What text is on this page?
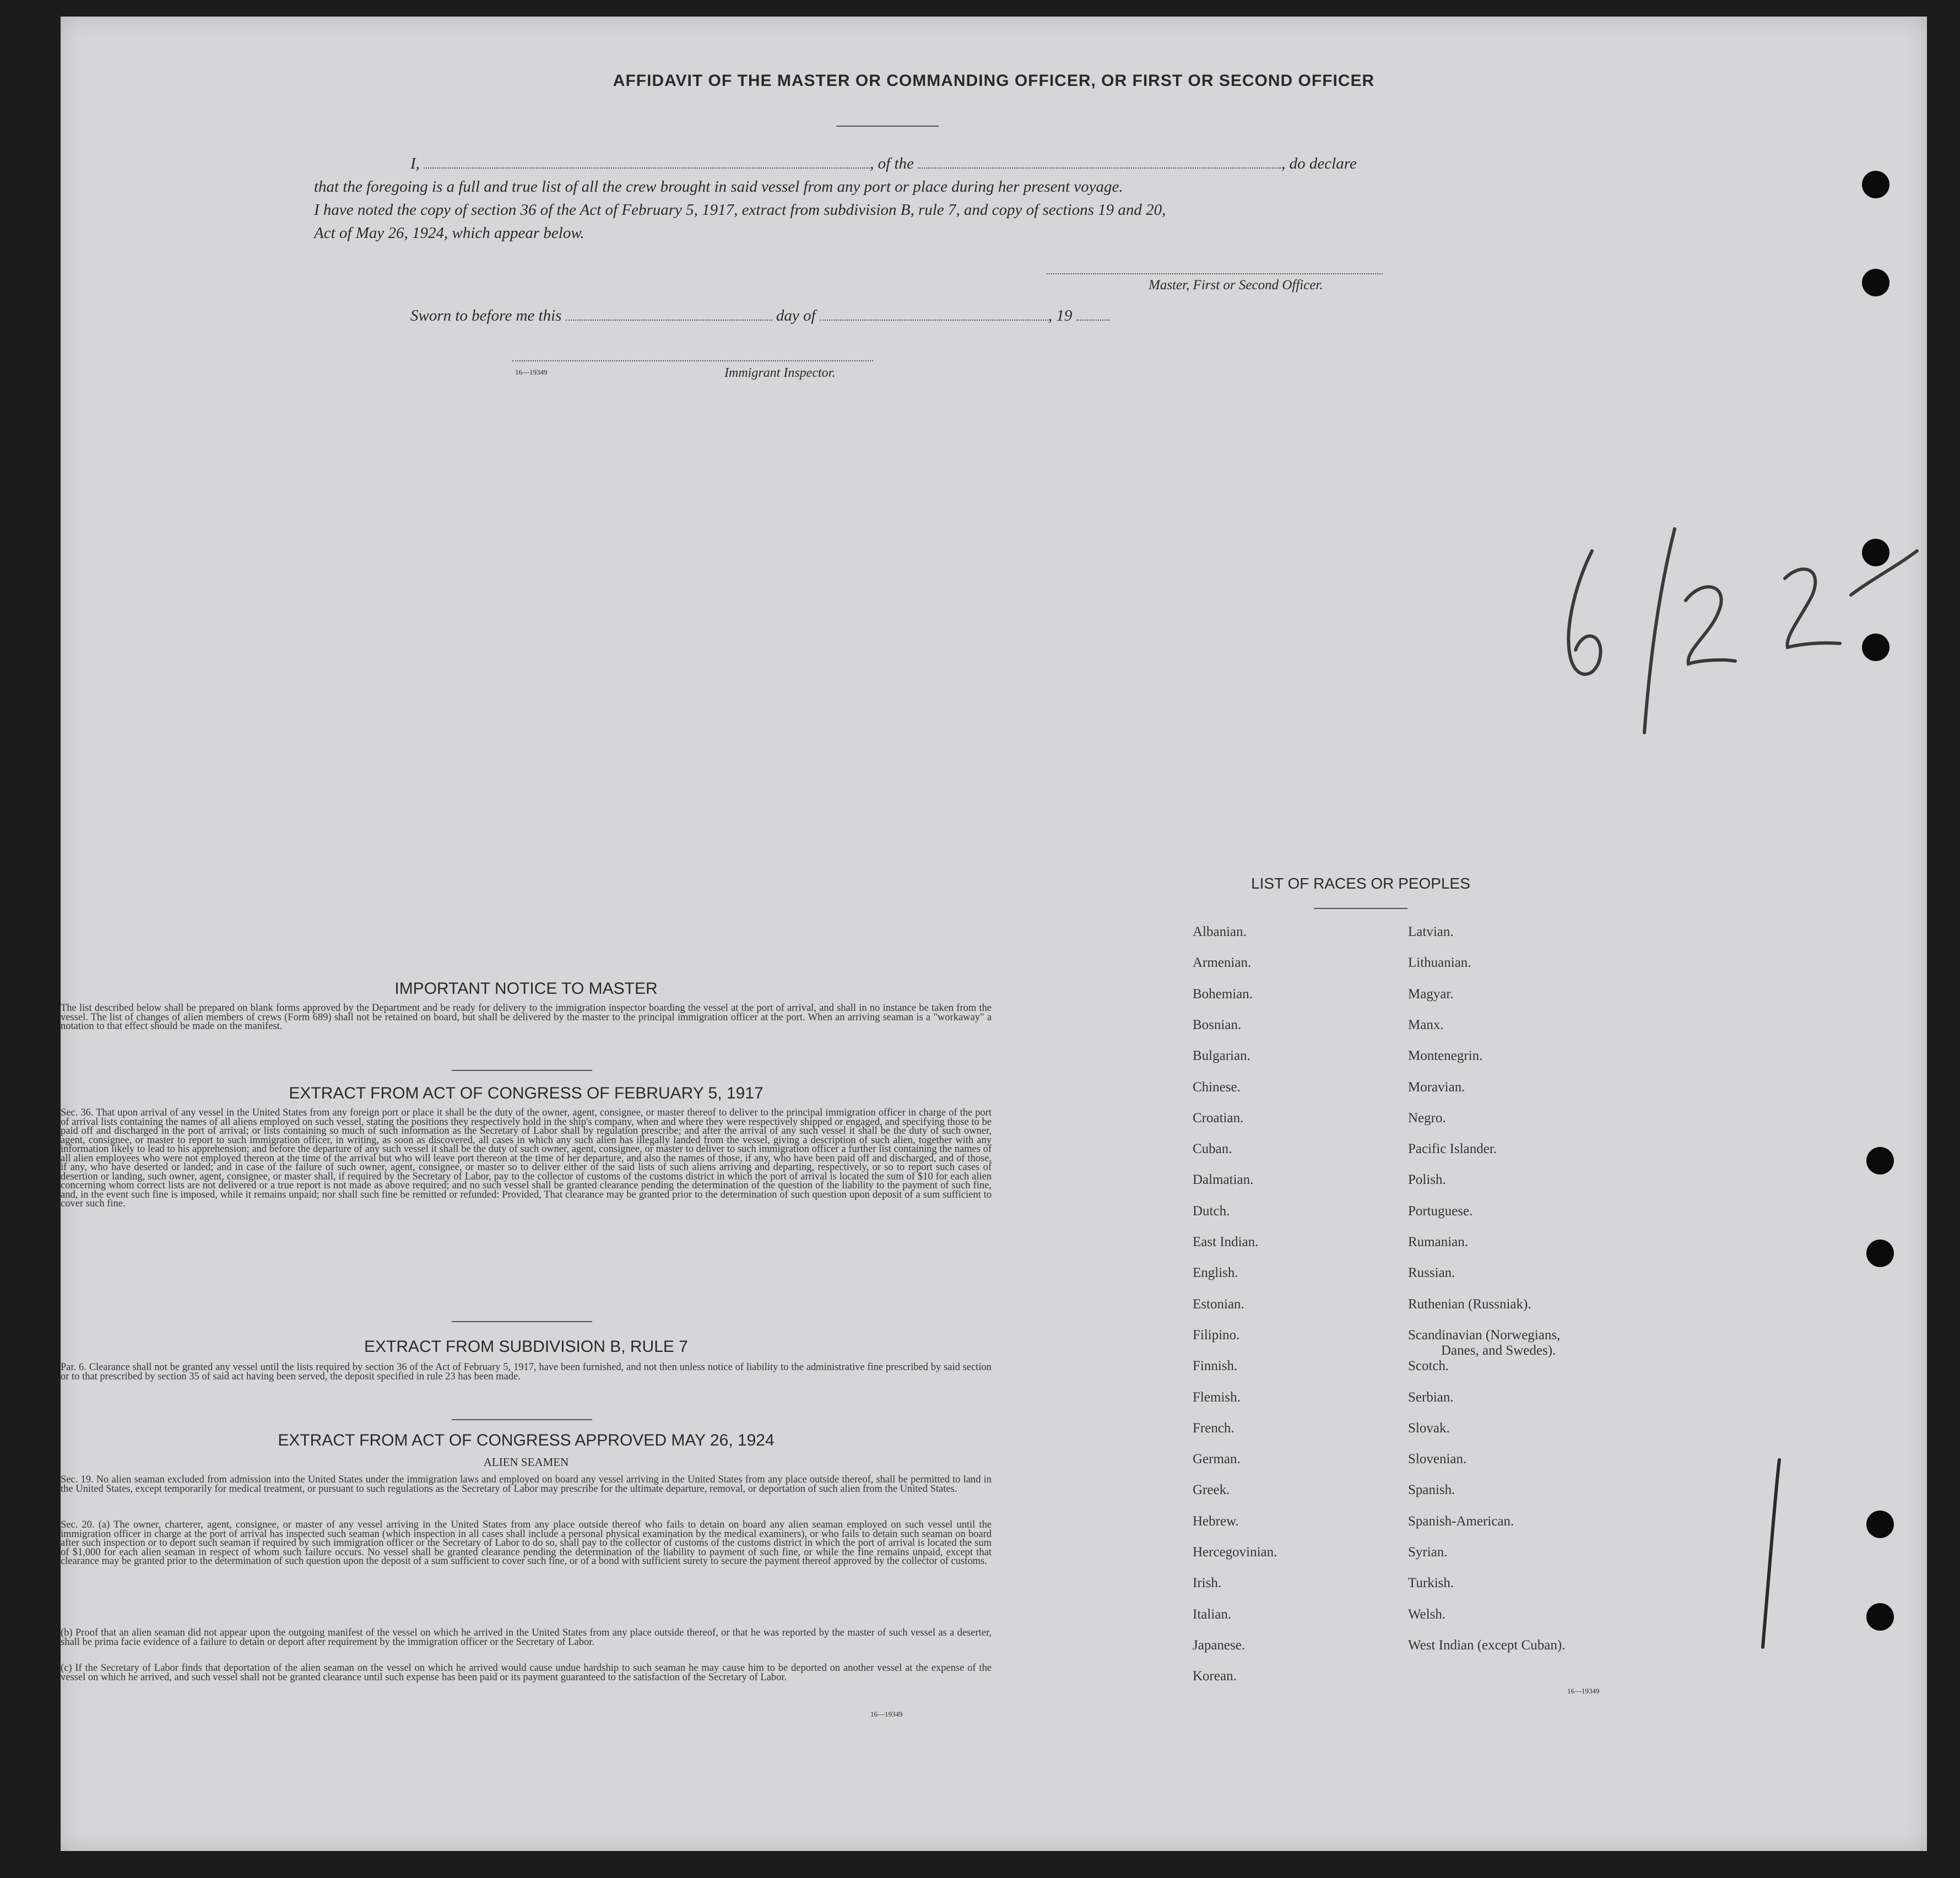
AFFIDAVIT OF THE MASTER OR COMMANDING OFFICER, OR FIRST OR SECOND OFFICER
I,	, of the	, do declare
that the foregoing is a full and true list of all the crew brought in said vessel from any port or place during her present voyage.
I have noted the copy of section 36 of the Act of February 5, 1917, extract from subdivision B, rule 7, and copy of sections 19 and 20,
Act of May 26, 1924, which appear below.
Master, First or Second Officer.
Sworn to before me this	day of	, 19
16—19349	Immigrant Inspector.
IMPORTANT NOTICE TO MASTER
The list described below shall be prepared on blank forms approved by the Department and be ready for delivery to the immigration inspector boarding the vessel at the port of arrival, and shall in no instance be taken from the vessel. The list of changes of alien members of crews (Form 689) shall not be retained on board, but shall be delivered by the master to the principal immigration officer at the port. When an arriving seaman is a "workaway" a notation to that effect should be made on the manifest.
EXTRACT FROM ACT OF CONGRESS OF FEBRUARY 5, 1917
Sec. 36. That upon arrival of any vessel in the United States from any foreign port or place it shall be the duty of the owner, agent, consignee, or master thereof to deliver to the principal immigration officer in charge of the port of arrival lists containing the names of all aliens employed on such vessel, stating the positions they respectively hold in the ship's company, when and where they were respectively shipped or engaged, and specifying those to be paid off and discharged in the port of arrival; or lists containing so much of such information as the Secretary of Labor shall by regulation prescribe; and after the arrival of any such vessel it shall be the duty of such owner, agent, consignee, or master to report to such immigration officer, in writing, as soon as discovered, all cases in which any such alien has illegally landed from the vessel, giving a description of such alien, together with any information likely to lead to his apprehension; and before the departure of any such vessel it shall be the duty of such owner, agent, consignee, or master to deliver to such immigration officer a further list containing the names of all alien employees who were not employed thereon at the time of the arrival but who will leave port thereon at the time of her departure, and also the names of those, if any, who have been paid off and discharged, and of those, if any, who have deserted or landed; and in case of the failure of such owner, agent, consignee, or master so to deliver either of the said lists of such aliens arriving and departing, respectively, or so to report such cases of desertion or landing, such owner, agent, consignee, or master shall, if required by the Secretary of Labor, pay to the collector of customs of the customs district in which the port of arrival is located the sum of $10 for each alien concerning whom correct lists are not delivered or a true report is not made as above required; and no such vessel shall be granted clearance pending the determination of the question of the liability to the payment of such fine, and, in the event such fine is imposed, while it remains unpaid; nor shall such fine be remitted or refunded: Provided, That clearance may be granted prior to the determination of such question upon deposit of a sum sufficient to cover such fine.
EXTRACT FROM SUBDIVISION B, RULE 7
Par. 6. Clearance shall not be granted any vessel until the lists required by section 36 of the Act of February 5, 1917, have been furnished, and not then unless notice of liability to the administrative fine prescribed by said section or to that prescribed by section 35 of said act having been served, the deposit specified in rule 23 has been made.
EXTRACT FROM ACT OF CONGRESS APPROVED MAY 26, 1924
ALIEN SEAMEN
Sec. 19. No alien seaman excluded from admission into the United States under the immigration laws and employed on board any vessel arriving in the United States from any place outside thereof, shall be permitted to land in the United States, except temporarily for medical treatment, or pursuant to such regulations as the Secretary of Labor may prescribe for the ultimate departure, removal, or deportation of such alien from the United States.
Sec. 20. (a) The owner, charterer, agent, consignee, or master of any vessel arriving in the United States from any place outside thereof who fails to detain on board any alien seaman employed on such vessel until the immigration officer in charge at the port of arrival has inspected such seaman (which inspection in all cases shall include a personal physical examination by the medical examiners), or who fails to detain such seaman on board after such inspection or to deport such seaman if required by such immigration officer or the Secretary of Labor to do so, shall pay to the collector of customs of the customs district in which the port of arrival is located the sum of $1,000 for each alien seaman in respect of whom such failure occurs. No vessel shall be granted clearance pending the determination of the liability to payment of such fine, or while the fine remains unpaid, except that clearance may be granted prior to the determination of such question upon the deposit of a sum sufficient to cover such fine, or of a bond with sufficient surety to secure the payment thereof approved by the collector of customs.
(b) Proof that an alien seaman did not appear upon the outgoing manifest of the vessel on which he arrived in the United States from any place outside thereof, or that he was reported by the master of such vessel as a deserter, shall be prima facie evidence of a failure to detain or deport after requirement by the immigration officer or the Secretary of Labor.
(c) If the Secretary of Labor finds that deportation of the alien seaman on the vessel on which he arrived would cause undue hardship to such seaman he may cause him to be deported on another vessel at the expense of the vessel on which he arrived, and such vessel shall not be granted clearance until such expense has been paid or its payment guaranteed to the satisfaction of the Secretary of Labor.
16—19349
LIST OF RACES OR PEOPLES
Albanian.
Armenian.
Bohemian.
Bosnian.
Bulgarian.
Chinese.
Croatian.
Cuban.
Dalmatian.
Dutch.
East Indian.
English.
Estonian.
Filipino.
Finnish.
Flemish.
French.
German.
Greek.
Hebrew.
Hercegovinian.
Irish.
Italian.
Japanese.
Korean.
Latvian.
Lithuanian.
Magyar.
Manx.
Montenegrin.
Moravian.
Negro.
Pacific Islander.
Polish.
Portuguese.
Rumanian.
Russian.
Ruthenian (Russniak).
Scandinavian (Norwegians,
Danes, and Swedes).
Scotch.
Serbian.
Slovak.
Slovenian.
Spanish.
Spanish-American.
Syrian.
Turkish.
Welsh.
West Indian (except Cuban).
16—19349
6/22
1
